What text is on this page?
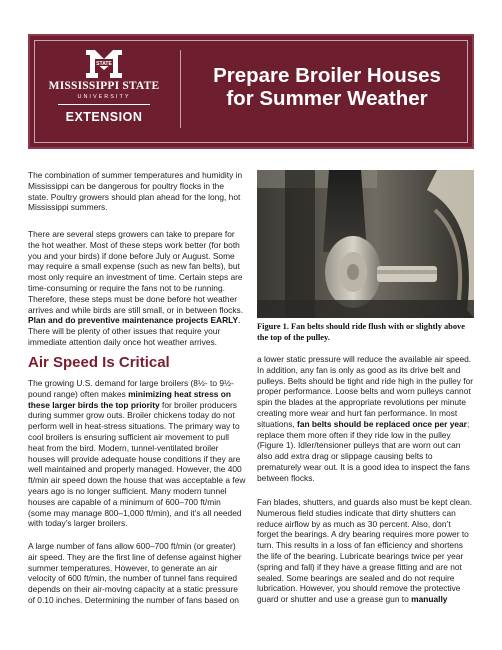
STATE
MISSISSIPPI STATE
UNIVERSITY
EXTENSION
Prepare Broiler Houses
for Summer Weather

The combination of summer temperatures and humidity in Mississippi can be dangerous for poultry flocks in the state. Poultry growers should plan ahead for the long, hot Mississippi summers.

There are several steps growers can take to prepare for the hot weather. Most of these steps work better (for both you and your birds) if done before July or August. Some may require a small expense (such as new fan belts), but most only require an investment of time. Certain steps are time-consuming or require the fans not to be running. Therefore, these steps must be done before hot weather arrives and while birds are still small, or in between flocks. Plan and do preventive maintenance projects EARLY. There will be plenty of other issues that require your immediate attention daily once hot weather arrives.

Figure 1. Fan belts should ride flush with or slightly above the top of the pulley.

Air Speed Is Critical

The growing U.S. demand for large broilers (8½- to 9½-pound range) often makes minimizing heat stress on these larger birds the top priority for broiler producers during summer grow outs. Broiler chickens today do not perform well in heat-stress situations. The primary way to cool broilers is ensuring sufficient air movement to pull heat from the bird. Modern, tunnel-ventilated broiler houses will provide adequate house conditions if they are well maintained and properly managed. However, the 400 ft/min air speed down the house that was acceptable a few years ago is no longer sufficient. Many modern tunnel houses are capable of a minimum of 600–700 ft/min (some may manage 800–1,000 ft/min), and it’s all needed with today’s larger broilers.

A large number of fans allow 600–700 ft/min (or greater) air speed. They are the first line of defense against higher summer temperatures. However, to generate an air velocity of 600 ft/min, the number of tunnel fans required depends on their air-moving capacity at a static pressure of 0.10 inches. Determining the number of fans based on

a lower static pressure will reduce the available air speed. In addition, any fan is only as good as its drive belt and pulleys. Belts should be tight and ride high in the pulley for proper performance. Loose belts and worn pulleys cannot spin the blades at the appropriate revolutions per minute creating more wear and hurt fan performance. In most situations, fan belts should be replaced once per year; replace them more often if they ride low in the pulley (Figure 1). Idler/tensioner pulleys that are worn out can also add extra drag or slippage causing belts to prematurely wear out. It is a good idea to inspect the fans between flocks.

Fan blades, shutters, and guards also must be kept clean. Numerous field studies indicate that dirty shutters can reduce airflow by as much as 30 percent. Also, don’t forget the bearings. A dry bearing requires more power to turn. This results in a loss of fan efficiency and shortens the life of the bearing. Lubricate bearings twice per year (spring and fall) if they have a grease fitting and are not sealed. Some bearings are sealed and do not require lubrication. However, you should remove the protective guard or shutter and use a grease gun to manually
